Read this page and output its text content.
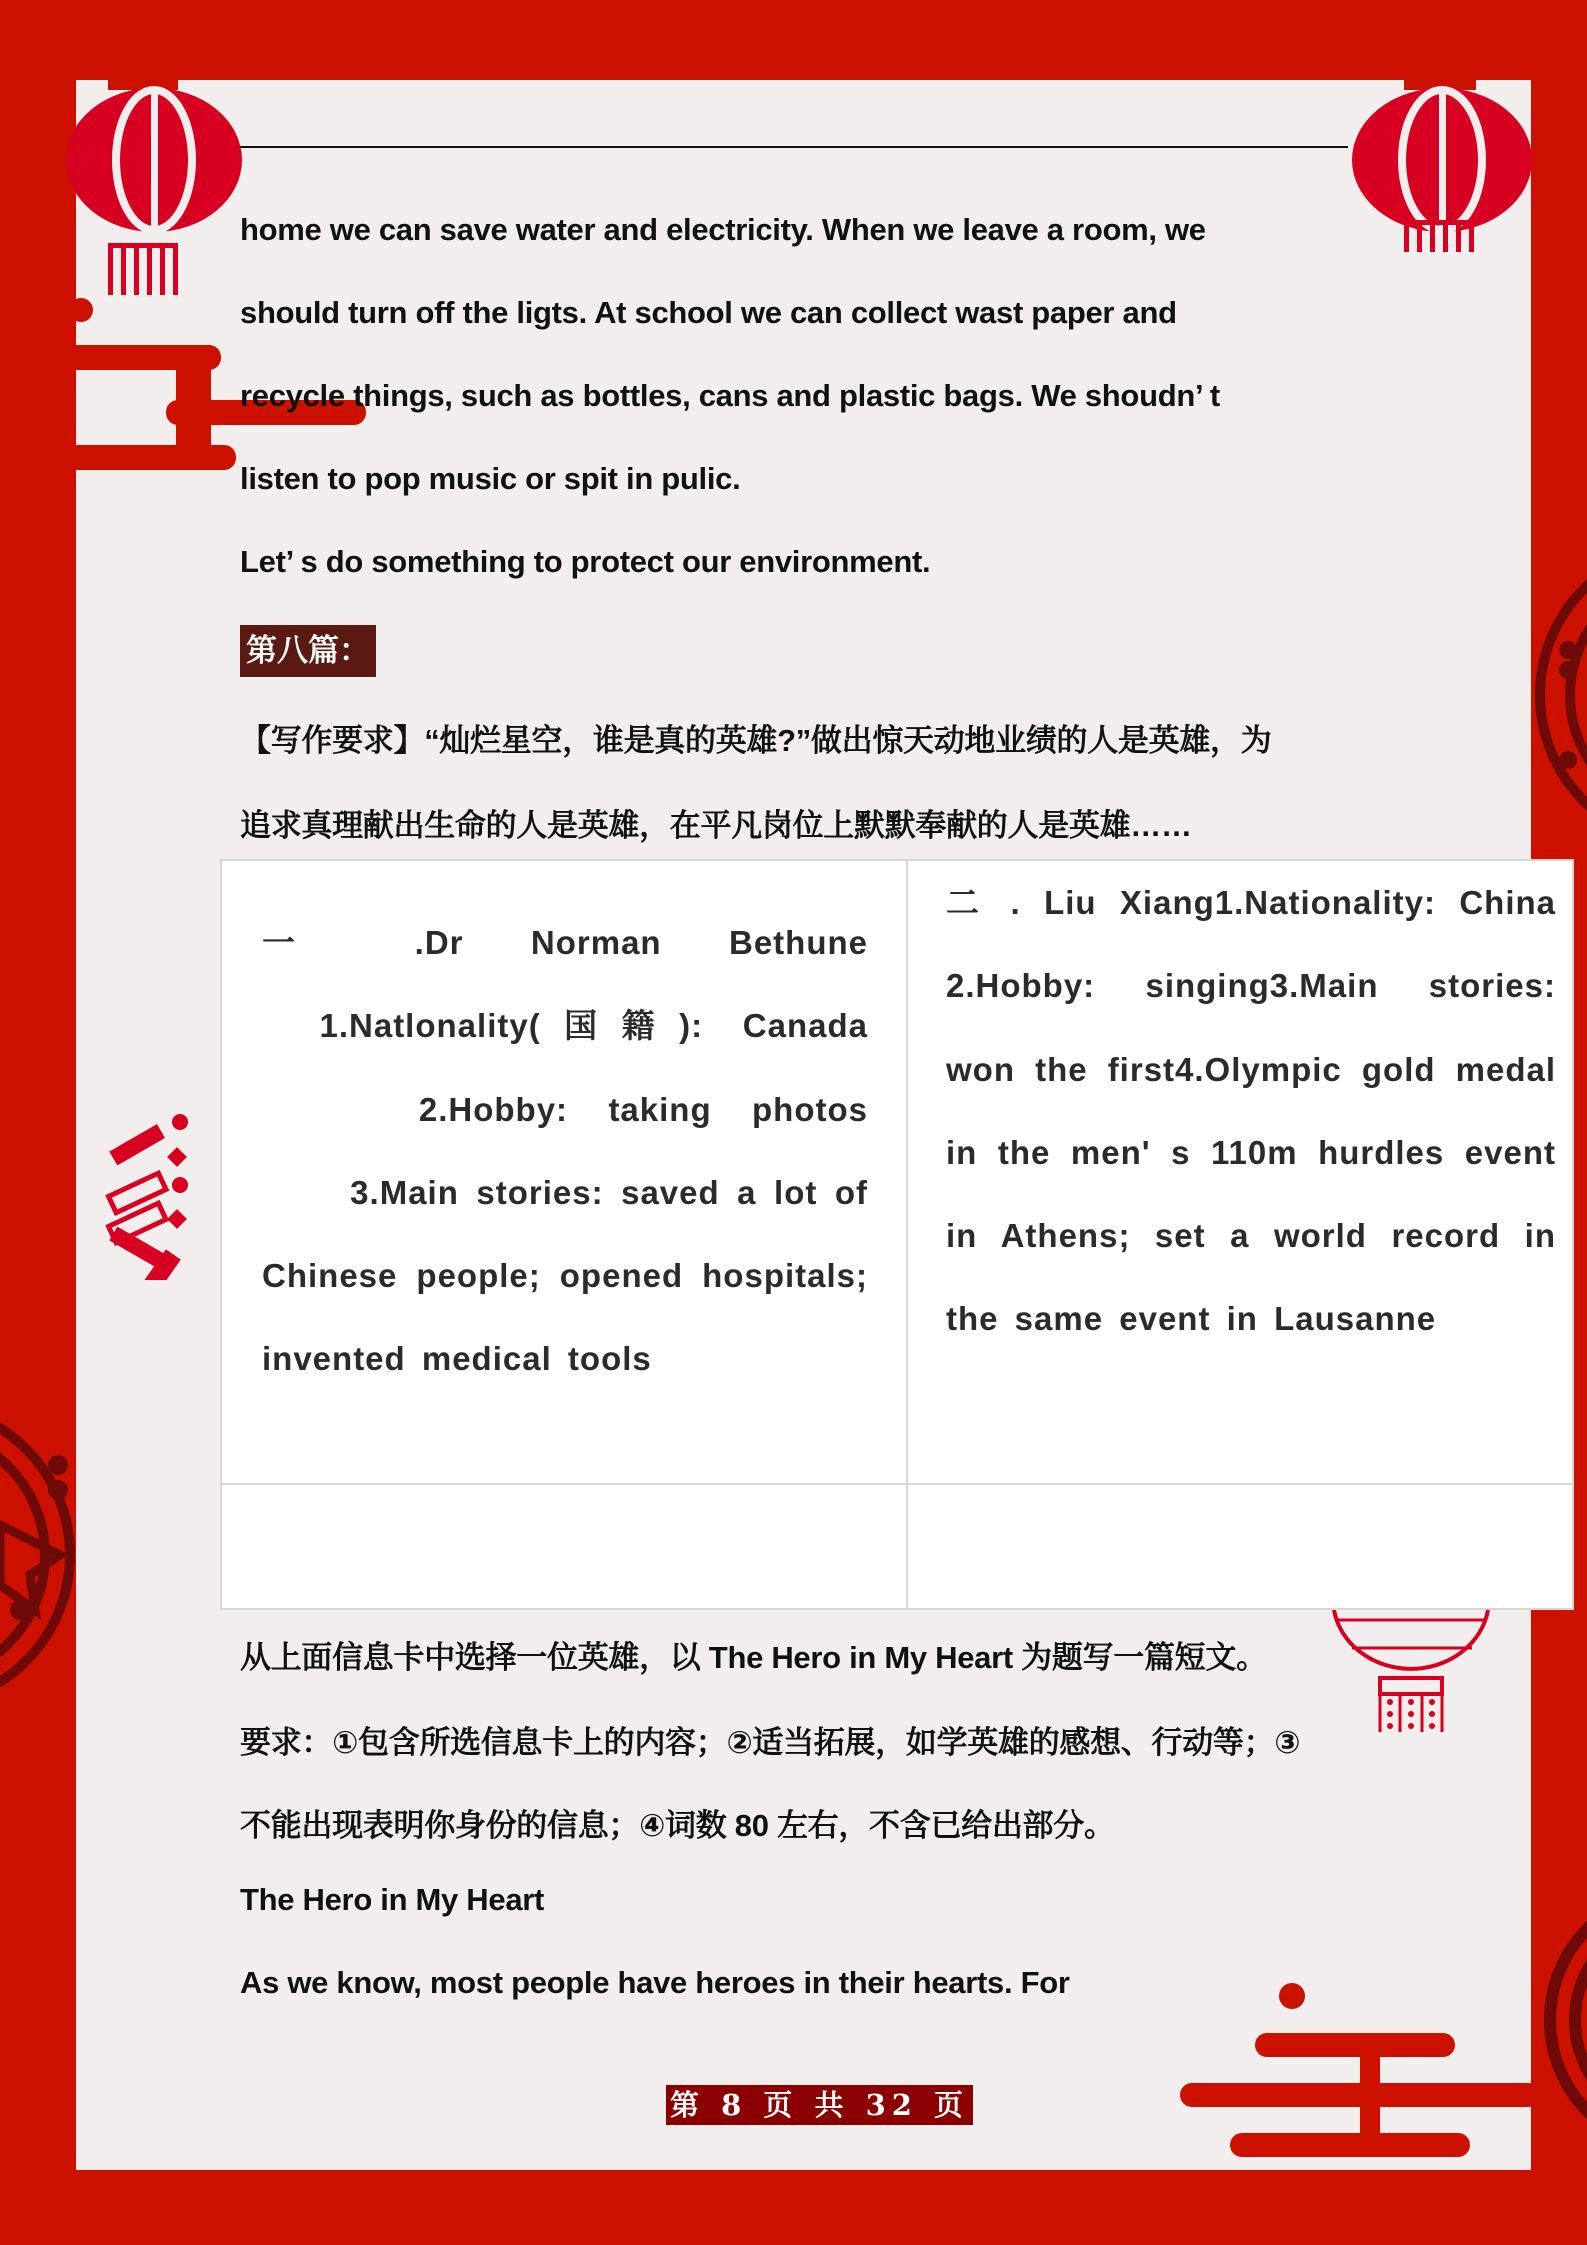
home we can save water and electricity. When we leave a room, we
should turn off the ligts. At school we can collect wast paper and
recycle things, such as bottles, cans and plastic bags. We shoudn’ t
listen to pop music or spit in pulic.
Let’ s do something to protect our environment.
第八篇：
【写作要求】“灿烂星空，谁是真的英雄?”做出惊天动地业绩的人是英雄，为
追求真理献出生命的人是英雄，在平凡岗位上默默奉献的人是英雄……
一 .Dr Norman Bethune 　1.Natlonality(国籍): Canada 　　 2.Hobby: taking photos 　　 3.Main stories: saved a lot of Chinese people; opened hospitals; invented medical tools
二 . Liu Xiang1.Nationality: China 2.Hobby: singing3.Main stories: won the first4.Olympic gold medal in the men' s 110m hurdles event in Athens; set a world record in the same event in Lausanne
从上面信息卡中选择一位英雄，以 The Hero in My Heart 为题写一篇短文。
要求：①包含所选信息卡上的内容；②适当拓展，如学英雄的感想、行动等；③
不能出现表明你身份的信息；④词数 80 左右，不含已给出部分。
The Hero in My Heart
As we know, most people have heroes in their hearts. For
第 8 页 共 32 页
